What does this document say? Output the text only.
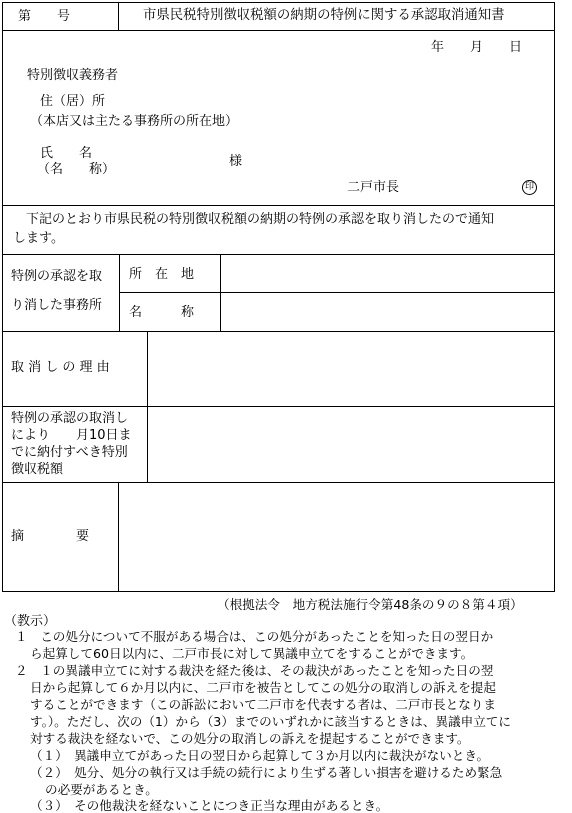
第　　号	市県民税特別徴収税額の納期の特例に関する承認取消通知書
年　　月　　日
特別徴収義務者
住（居）所
（本店又は主たる事務所の所在地）
氏　　名
（名　　称）
様
二戸市長	印
下記のとおり市県民税の特別徴収税額の納期の特例の承認を取り消したので通知
します。
特例の承認を取
り消した事務所
所　在　地
名　　　称
取 消 し の 理 由
特例の承認の取消し
により　　月10日ま
でに納付すべき特別
徴収税額
摘　　　　要
（根拠法令　地方税法施行令第48条の９の８第４項）
（教示）
１　この処分について不服がある場合は、この処分があったことを知った日の翌日か
ら起算して60日以内に、二戸市長に対して異議申立てをすることができます。
２　１の異議申立てに対する裁決を経た後は、その裁決があったことを知った日の翌
日から起算して６か月以内に、二戸市を被告としてこの処分の取消しの訴えを提起
することができます（この訴訟において二戸市を代表する者は、二戸市長となりま
す。）。ただし、次の（1）から（3）までのいずれかに該当するときは、異議申立てに
対する裁決を経ないで、この処分の取消しの訴えを提起することができます。
（１）　異議申立てがあった日の翌日から起算して３か月以内に裁決がないとき。
（２）　処分、処分の執行又は手続の続行により生ずる著しい損害を避けるため緊急
の必要があるとき。
（３）　その他裁決を経ないことにつき正当な理由があるとき。
